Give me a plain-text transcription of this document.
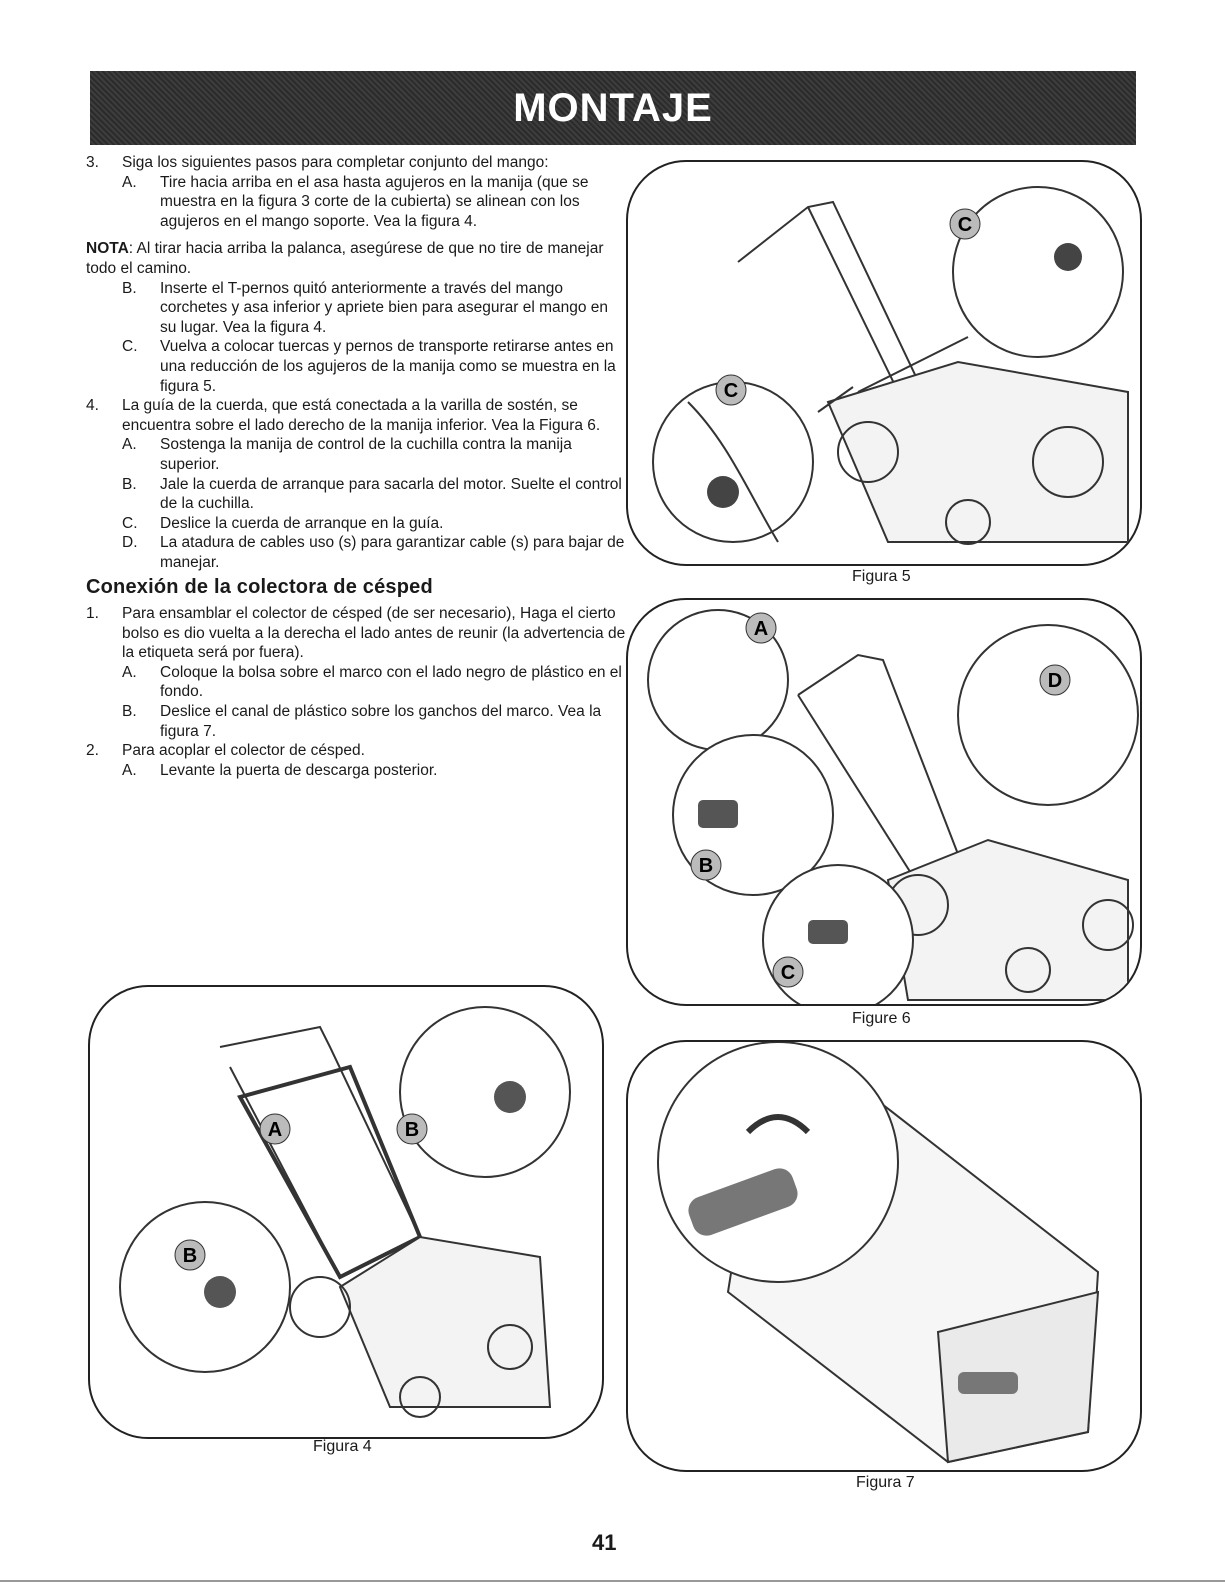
MONTAJE
3.	Siga los siguientes pasos para completar conjunto del mango:

A.	Tire hacia arriba en el asa hasta agujeros en la manija (que se muestra en la figura 3 corte de la cubierta) se alinean con los agujeros en el mango soporte. Vea la figura 4.

NOTA: Al tirar hacia arriba la palanca, asegúrese de que no tire de manejar todo el camino.

B.	Inserte el T-pernos quitó anteriormente a través del mango corchetes y asa inferior y apriete bien para asegurar el mango en su lugar. Vea la figura 4.

C.	Vuelva a colocar tuercas y pernos de transporte retirarse antes en una reducción de los agujeros de la manija como se muestra en la figura 5.

4.	La guía de la cuerda, que está conectada a la varilla de sostén, se encuentra sobre el lado derecho de la manija inferior. Vea la Figura 6.

A.	Sostenga la manija de control de la cuchilla contra la manija superior.

B.	Jale la cuerda de arranque para sacarla del motor. Suelte el control de la cuchilla.

C.	Deslice la cuerda de arranque en la guía.

D.	La atadura de cables uso (s) para garantizar cable (s) para bajar de manejar.

Conexión de la colectora de césped
1.	Para ensamblar el colector de césped (de ser necesario), Haga el cierto bolso es dio vuelta a la derecha el lado antes de reunir (la advertencia de la etiqueta será por fuera).

A.	Coloque la bolsa sobre el marco con el lado negro de plástico en el fondo.

B.	Deslice el canal de plástico sobre los ganchos del marco. Vea la figura 7.

2.	Para acoplar el colector de césped.

A.	Levante la puerta de descarga posterior.

C
C
Figura 5
A
D
B
C
Figure 6
A	B
B
Figura 4
Figura 7
41
